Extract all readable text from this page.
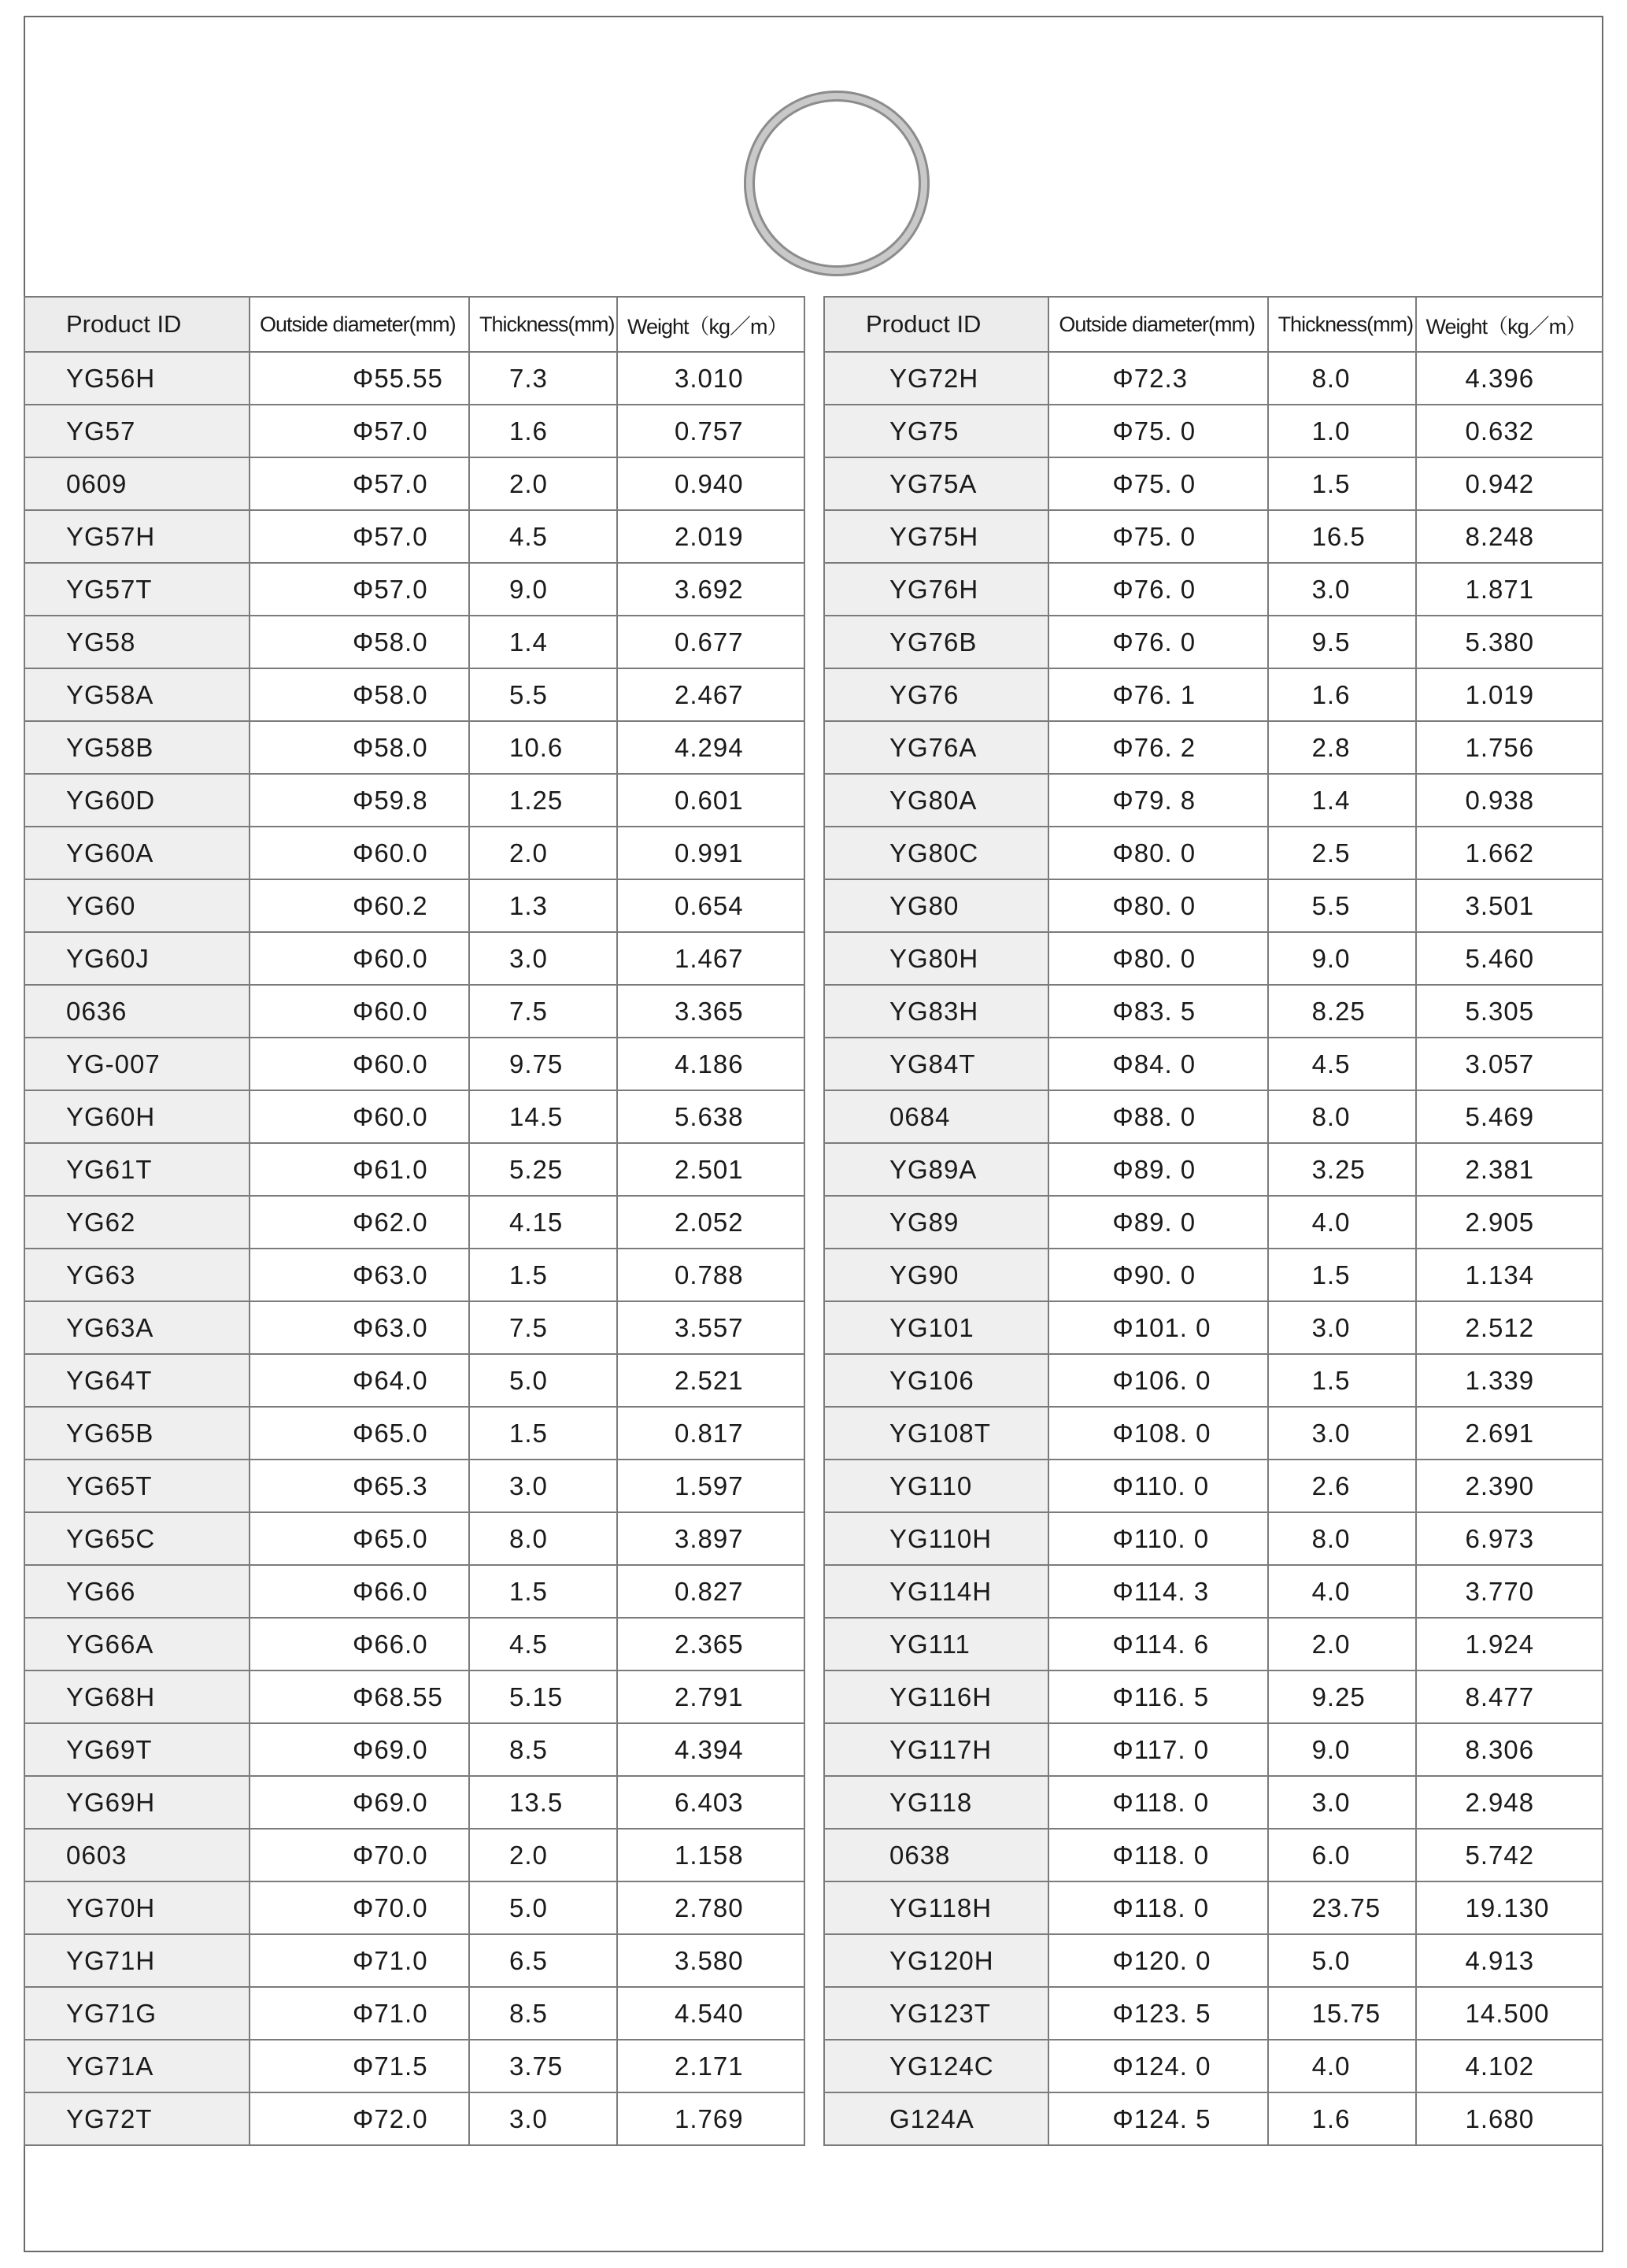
Product ID	Outside diameter(mm)	Thickness(mm)	Weight（kg／m）
YG56H	Φ55.55	7.3	3.010
YG57	Φ57.0	1.6	0.757
0609	Φ57.0	2.0	0.940
YG57H	Φ57.0	4.5	2.019
YG57T	Φ57.0	9.0	3.692
YG58	Φ58.0	1.4	0.677
YG58A	Φ58.0	5.5	2.467
YG58B	Φ58.0	10.6	4.294
YG60D	Φ59.8	1.25	0.601
YG60A	Φ60.0	2.0	0.991
YG60	Φ60.2	1.3	0.654
YG60J	Φ60.0	3.0	1.467
0636	Φ60.0	7.5	3.365
YG-007	Φ60.0	9.75	4.186
YG60H	Φ60.0	14.5	5.638
YG61T	Φ61.0	5.25	2.501
YG62	Φ62.0	4.15	2.052
YG63	Φ63.0	1.5	0.788
YG63A	Φ63.0	7.5	3.557
YG64T	Φ64.0	5.0	2.521
YG65B	Φ65.0	1.5	0.817
YG65T	Φ65.3	3.0	1.597
YG65C	Φ65.0	8.0	3.897
YG66	Φ66.0	1.5	0.827
YG66A	Φ66.0	4.5	2.365
YG68H	Φ68.55	5.15	2.791
YG69T	Φ69.0	8.5	4.394
YG69H	Φ69.0	13.5	6.403
0603	Φ70.0	2.0	1.158
YG70H	Φ70.0	5.0	2.780
YG71H	Φ71.0	6.5	3.580
YG71G	Φ71.0	8.5	4.540
YG71A	Φ71.5	3.75	2.171
YG72T	Φ72.0	3.0	1.769
Product ID	Outside diameter(mm)	Thickness(mm)	Weight（kg／m）
YG72H	Φ72.3	8.0	4.396
YG75	Φ75. 0	1.0	0.632
YG75A	Φ75. 0	1.5	0.942
YG75H	Φ75. 0	16.5	8.248
YG76H	Φ76. 0	3.0	1.871
YG76B	Φ76. 0	9.5	5.380
YG76	Φ76. 1	1.6	1.019
YG76A	Φ76. 2	2.8	1.756
YG80A	Φ79. 8	1.4	0.938
YG80C	Φ80. 0	2.5	1.662
YG80	Φ80. 0	5.5	3.501
YG80H	Φ80. 0	9.0	5.460
YG83H	Φ83. 5	8.25	5.305
YG84T	Φ84. 0	4.5	3.057
0684	Φ88. 0	8.0	5.469
YG89A	Φ89. 0	3.25	2.381
YG89	Φ89. 0	4.0	2.905
YG90	Φ90. 0	1.5	1.134
YG101	Φ101. 0	3.0	2.512
YG106	Φ106. 0	1.5	1.339
YG108T	Φ108. 0	3.0	2.691
YG110	Φ110. 0	2.6	2.390
YG110H	Φ110. 0	8.0	6.973
YG114H	Φ114. 3	4.0	3.770
YG111	Φ114. 6	2.0	1.924
YG116H	Φ116. 5	9.25	8.477
YG117H	Φ117. 0	9.0	8.306
YG118	Φ118. 0	3.0	2.948
0638	Φ118. 0	6.0	5.742
YG118H	Φ118. 0	23.75	19.130
YG120H	Φ120. 0	5.0	4.913
YG123T	Φ123. 5	15.75	14.500
YG124C	Φ124. 0	4.0	4.102
G124A	Φ124. 5	1.6	1.680
